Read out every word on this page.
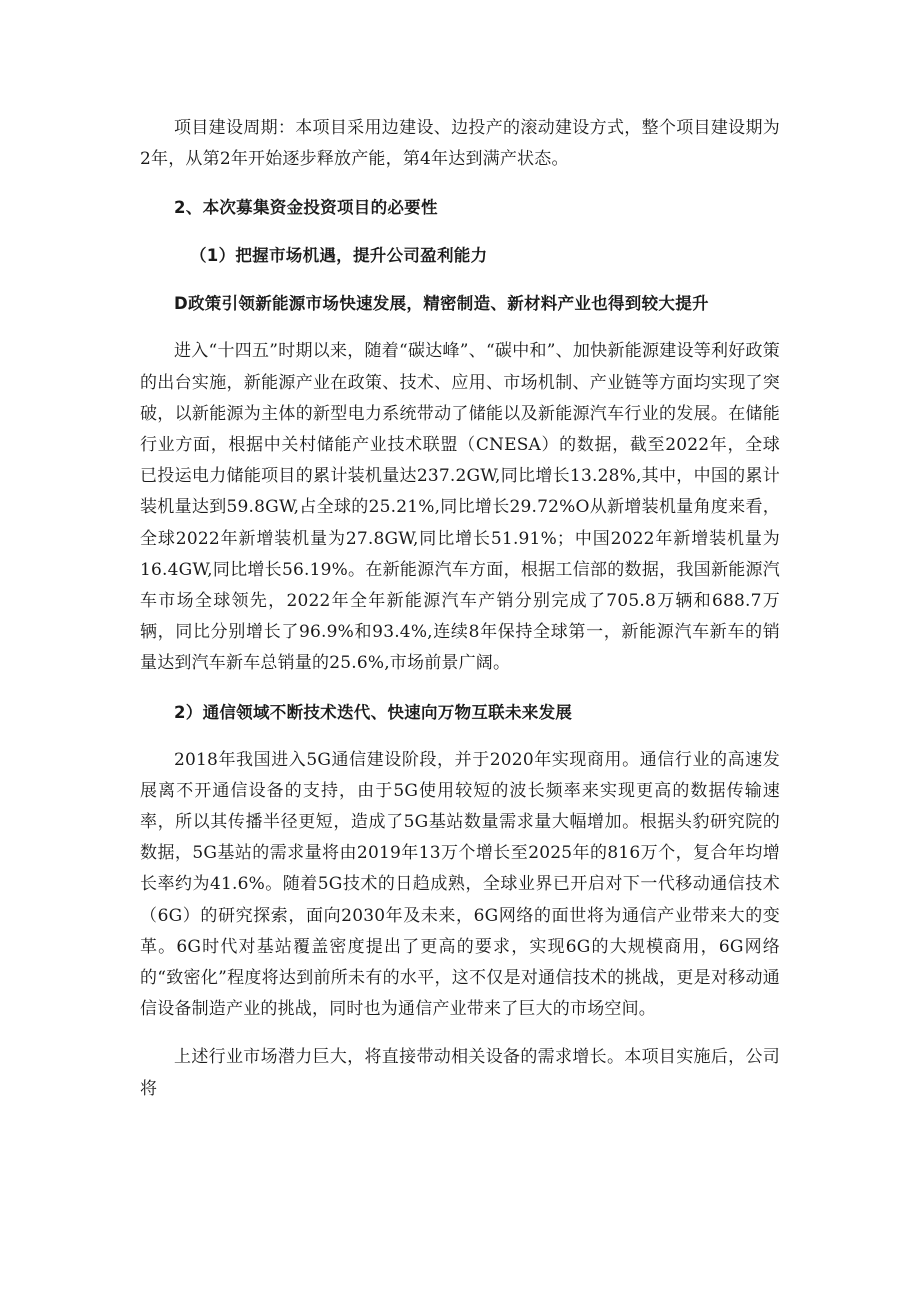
项目建设周期：本项目采用边建设、边投产的滚动建设方式，整个项目建设期为2年，从第2年开始逐步释放产能，第4年达到满产状态。

2、本次募集资金投资项目的必要性

（1）把握市场机遇，提升公司盈利能力

D政策引领新能源市场快速发展，精密制造、新材料产业也得到较大提升

进入“十四五”时期以来，随着“碳达峰”、“碳中和”、加快新能源建设等利好政策的出台实施，新能源产业在政策、技术、应用、市场机制、产业链等方面均实现了突破，以新能源为主体的新型电力系统带动了储能以及新能源汽车行业的发展。在储能行业方面，根据中关村储能产业技术联盟（CNESA）的数据，截至2022年，全球已投运电力储能项目的累计装机量达237.2GW,同比增长13.28%,其中，中国的累计装机量达到59.8GW,占全球的25.21%,同比增长29.72%O从新增装机量角度来看，全球2022年新增装机量为27.8GW,同比增长51.91%；中国2022年新增装机量为16.4GW,同比增长56.19%。在新能源汽车方面，根据工信部的数据，我国新能源汽车市场全球领先，2022年全年新能源汽车产销分别完成了705.8万辆和688.7万辆，同比分别增长了96.9%和93.4%,连续8年保持全球第一，新能源汽车新车的销量达到汽车新车总销量的25.6%,市场前景广阔。

2）通信领域不断技术迭代、快速向万物互联未来发展

2018年我国进入5G通信建设阶段，并于2020年实现商用。通信行业的高速发展离不开通信设备的支持，由于5G使用较短的波长频率来实现更高的数据传输速率，所以其传播半径更短，造成了5G基站数量需求量大幅增加。根据头豹研究院的数据，5G基站的需求量将由2019年13万个增长至2025年的816万个，复合年均增长率约为41.6%。随着5G技术的日趋成熟，全球业界已开启对下一代移动通信技术（6G）的研究探索，面向2030年及未来，6G网络的面世将为通信产业带来大的变革。6G时代对基站覆盖密度提出了更高的要求，实现6G的大规模商用，6G网络的“致密化”程度将达到前所未有的水平，这不仅是对通信技术的挑战，更是对移动通信设备制造产业的挑战，同时也为通信产业带来了巨大的市场空间。

上述行业市场潜力巨大，将直接带动相关设备的需求增长。本项目实施后，公司将
